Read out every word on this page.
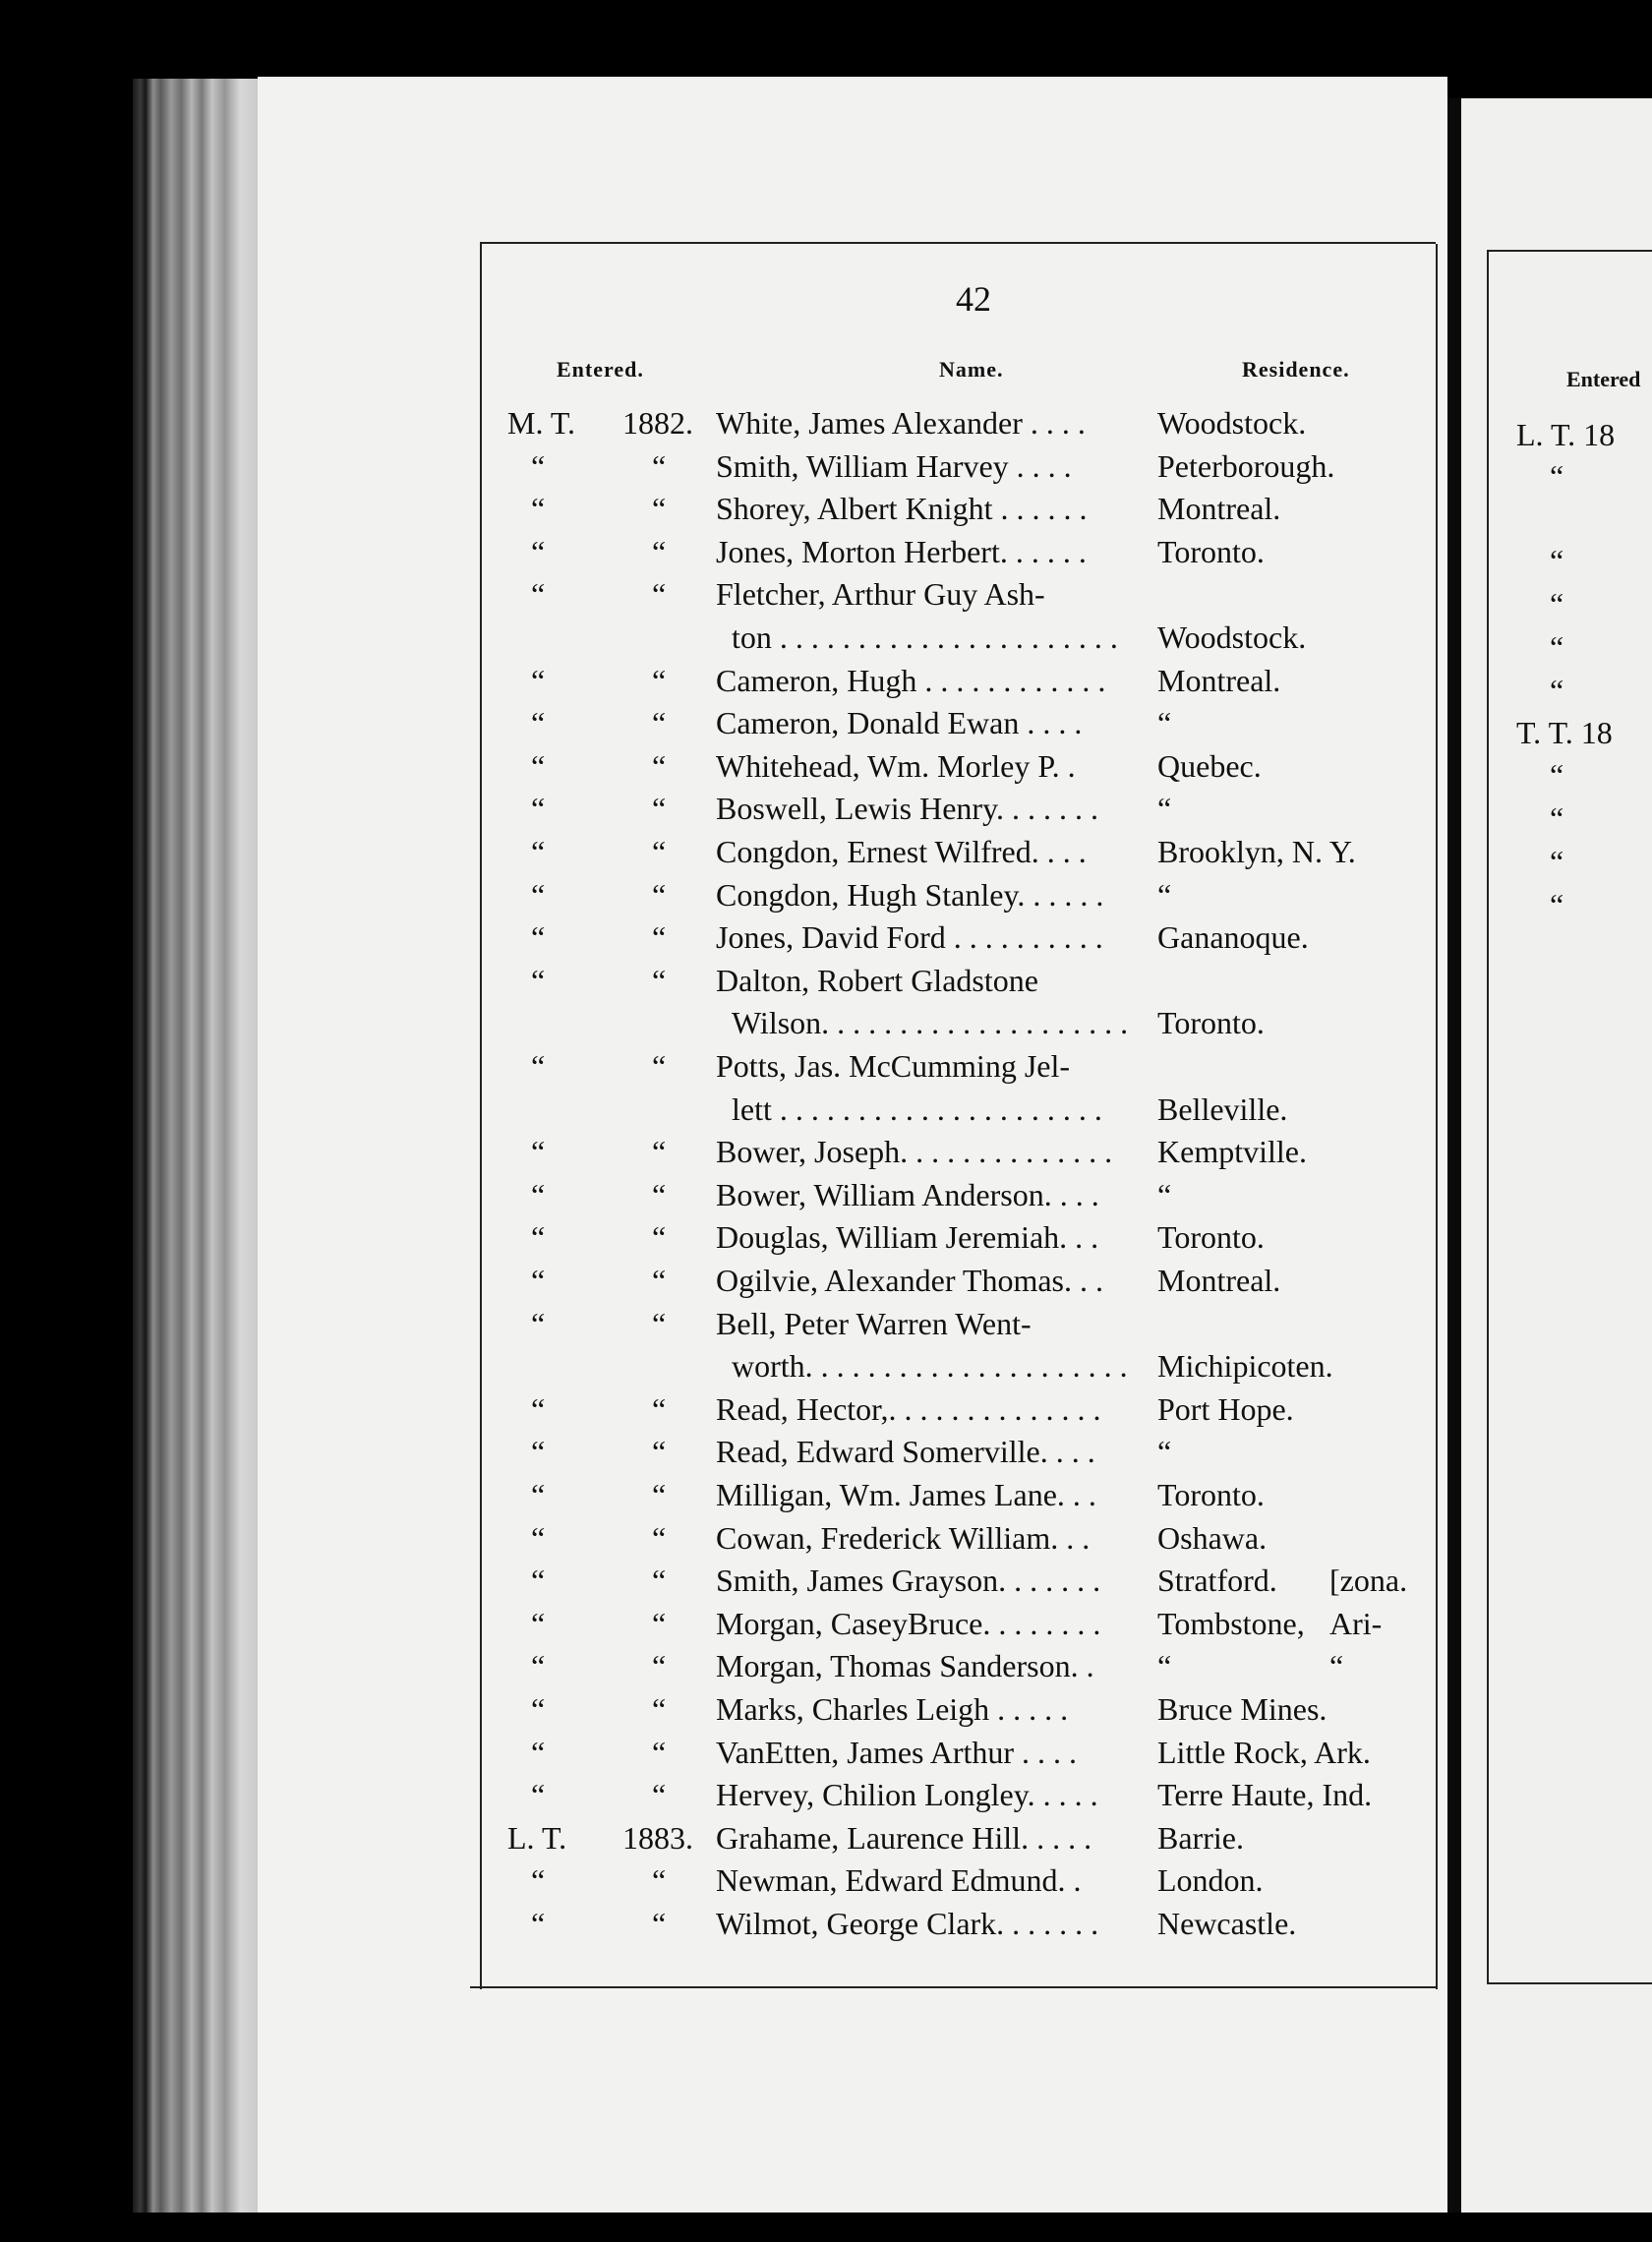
42
Entered.	Name.	Residence.
M. T. 1882. White, James Alexander . . . . Woodstock.
“	“ Smith, William Harvey . . . .	Peterborough.
“	“ Shorey, Albert Knight . . . . . . Montreal.
“	“ Jones, Morton Herbert. . . . . . Toronto.
“	“ Fletcher, Arthur Guy Ash-
ton . . . . . . . . . . . . . . . . . . . . . . Woodstock.
“	“ Cameron, Hugh . . . . . . . . . . . . Montreal.
“	“ Cameron, Donald Ewan . . . . “
“	“ Whitehead, Wm. Morley P. .	Quebec.
“	“ Boswell, Lewis Henry. . . . . . . “
“	“ Congdon, Ernest Wilfred. . . . Brooklyn, N. Y.
“	“ Congdon, Hugh Stanley. . . . . . “
“	“ Jones, David Ford . . . . . . . . . . Gananoque.
“	“ Dalton, Robert Gladstone
Wilson. . . . . . . . . . . . . . . . . . . . Toronto.
“	“ Potts, Jas. McCumming Jel-
lett . . . . . . . . . . . . . . . . . . . . . Belleville.
“	“ Bower, Joseph. . . . . . . . . . . . . . Kemptville.
“	“ Bower, William Anderson. . . . “
“	“ Douglas, William Jeremiah. . . Toronto.
“	“ Ogilvie, Alexander Thomas. . . Montreal.
“	“ Bell, Peter Warren Went-
worth. . . . . . . . . . . . . . . . . . . . . Michipicoten.
“	“ Read, Hector,. . . . . . . . . . . . . . Port Hope.
“	“ Read, Edward Somerville. . . . “
“	“ Milligan, Wm. James Lane. . . Toronto.
“	“ Cowan, Frederick William. . . Oshawa.
“	“ Smith, James Grayson. . . . . . . Stratford. [zona.
“	“ Morgan, CaseyBruce. . . . . . . . Tombstone, Ari-
“	“ Morgan, Thomas Sanderson. . “	“
“	“ Marks, Charles Leigh . . . . .	Bruce Mines.
“	“ VanEtten, James Arthur . . . .	Little Rock, Ark.
“	“ Hervey, Chilion Longley. . . . . Terre Haute, Ind.
L. T. 1883. Grahame, Laurence Hill. . . . . Barrie.
“	“ Newman, Edward Edmund. . London.
“	“ Wilmot, George Clark. . . . . . . Newcastle.
Entered
L. T. 18
“
“
“
“
“
T. T. 18
“
“
“
“
